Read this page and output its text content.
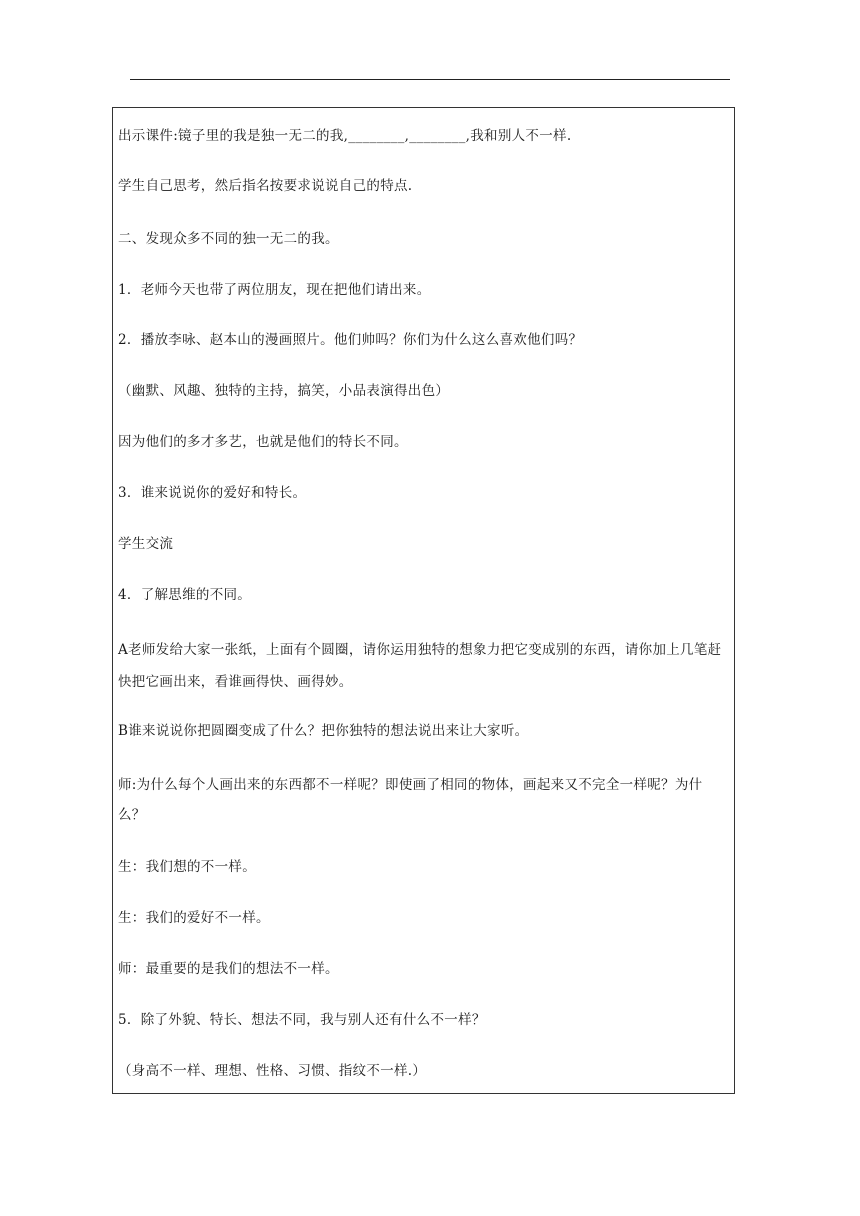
出示课件:镜子里的我是独一无二的我,________,________,我和别人不一样.
学生自己思考，然后指名按要求说说自己的特点.
二、发现众多不同的独一无二的我。
1．老师今天也带了两位朋友，现在把他们请出来。
2．播放李咏、赵本山的漫画照片。他们帅吗？你们为什么这么喜欢他们吗？
（幽默、风趣、独特的主持，搞笑，小品表演得出色）
因为他们的多才多艺，也就是他们的特长不同。
3．谁来说说你的爱好和特长。
学生交流
4．了解思维的不同。
A老师发给大家一张纸，上面有个圆圈，请你运用独特的想象力把它变成别的东西，请你加上几笔赶快把它画出来，看谁画得快、画得妙。
B谁来说说你把圆圈变成了什么？把你独特的想法说出来让大家听。
师:为什么每个人画出来的东西都不一样呢？即使画了相同的物体，画起来又不完全一样呢？为什么？
生：我们想的不一样。
生：我们的爱好不一样。
师：最重要的是我们的想法不一样。
5．除了外貌、特长、想法不同，我与别人还有什么不一样？
（身高不一样、理想、性格、习惯、指纹不一样.）
